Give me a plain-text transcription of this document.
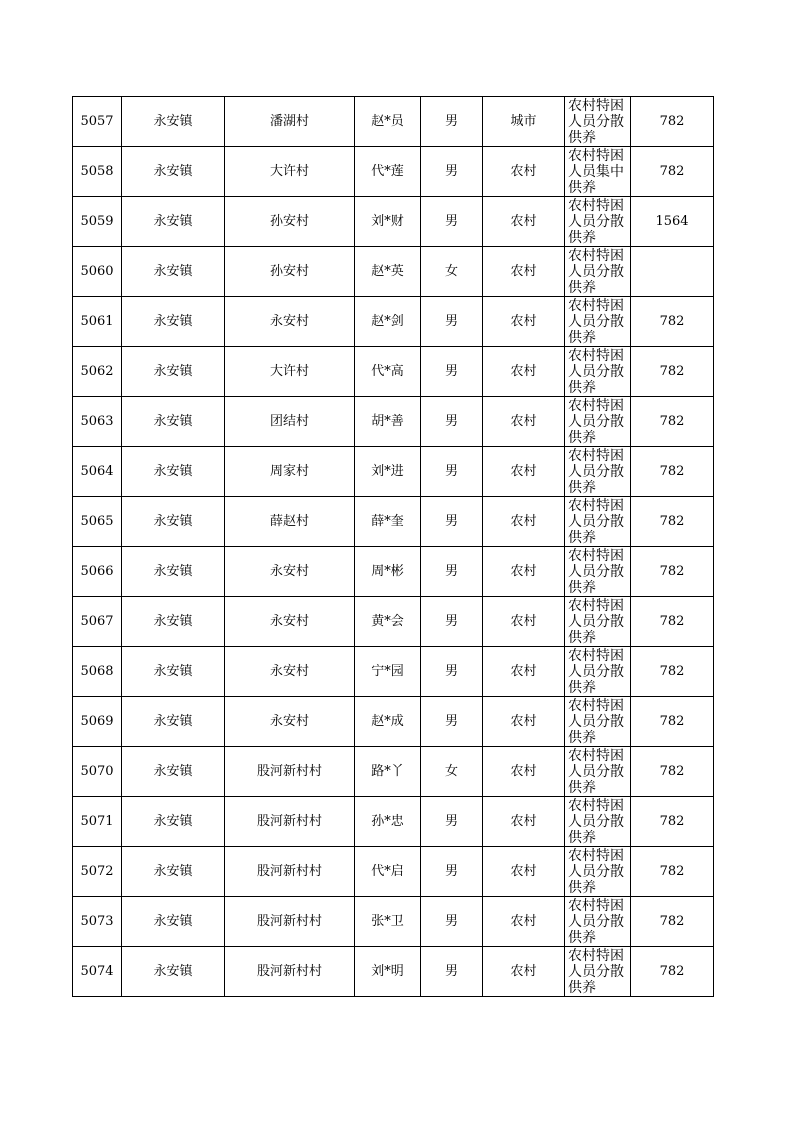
5057	永安镇	潘湖村	赵*员	男	城市	农村特困人员分散供养	782
5058	永安镇	大许村	代*莲	男	农村	农村特困人员集中供养	782
5059	永安镇	孙安村	刘*财	男	农村	农村特困人员分散供养	1564
5060	永安镇	孙安村	赵*英	女	农村	农村特困人员分散供养	

5061	永安镇	永安村	赵*剑	男	农村	农村特困人员分散供养	782
5062	永安镇	大许村	代*高	男	农村	农村特困人员分散供养	782
5063	永安镇	团结村	胡*善	男	农村	农村特困人员分散供养	782
5064	永安镇	周家村	刘*进	男	农村	农村特困人员分散供养	782
5065	永安镇	薛赵村	薛*奎	男	农村	农村特困人员分散供养	782
5066	永安镇	永安村	周*彬	男	农村	农村特困人员分散供养	782
5067	永安镇	永安村	黄*会	男	农村	农村特困人员分散供养	782
5068	永安镇	永安村	宁*园	男	农村	农村特困人员分散供养	782
5069	永安镇	永安村	赵*成	男	农村	农村特困人员分散供养	782
5070	永安镇	股河新村村	路*丫	女	农村	农村特困人员分散供养	782
5071	永安镇	股河新村村	孙*忠	男	农村	农村特困人员分散供养	782
5072	永安镇	股河新村村	代*启	男	农村	农村特困人员分散供养	782
5073	永安镇	股河新村村	张*卫	男	农村	农村特困人员分散供养	782
5074	永安镇	股河新村村	刘*明	男	农村	农村特困人员分散供养	782
